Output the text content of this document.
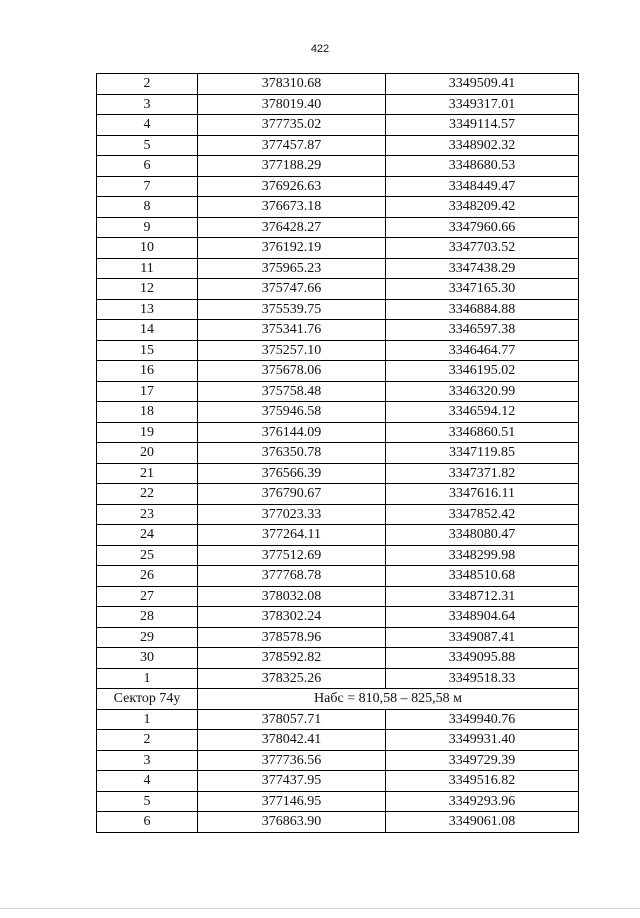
422
2	378310.68	3349509.41
3	378019.40	3349317.01
4	377735.02	3349114.57
5	377457.87	3348902.32
6	377188.29	3348680.53
7	376926.63	3348449.47
8	376673.18	3348209.42
9	376428.27	3347960.66
10	376192.19	3347703.52
11	375965.23	3347438.29
12	375747.66	3347165.30
13	375539.75	3346884.88
14	375341.76	3346597.38
15	375257.10	3346464.77
16	375678.06	3346195.02
17	375758.48	3346320.99
18	375946.58	3346594.12
19	376144.09	3346860.51
20	376350.78	3347119.85
21	376566.39	3347371.82
22	376790.67	3347616.11
23	377023.33	3347852.42
24	377264.11	3348080.47
25	377512.69	3348299.98
26	377768.78	3348510.68
27	378032.08	3348712.31
28	378302.24	3348904.64
29	378578.96	3349087.41
30	378592.82	3349095.88
1	378325.26	3349518.33
Сектор 74у	Набс = 810,58 – 825,58 м	
1	378057.71	3349940.76
2	378042.41	3349931.40
3	377736.56	3349729.39
4	377437.95	3349516.82
5	377146.95	3349293.96
6	376863.90	3349061.08
